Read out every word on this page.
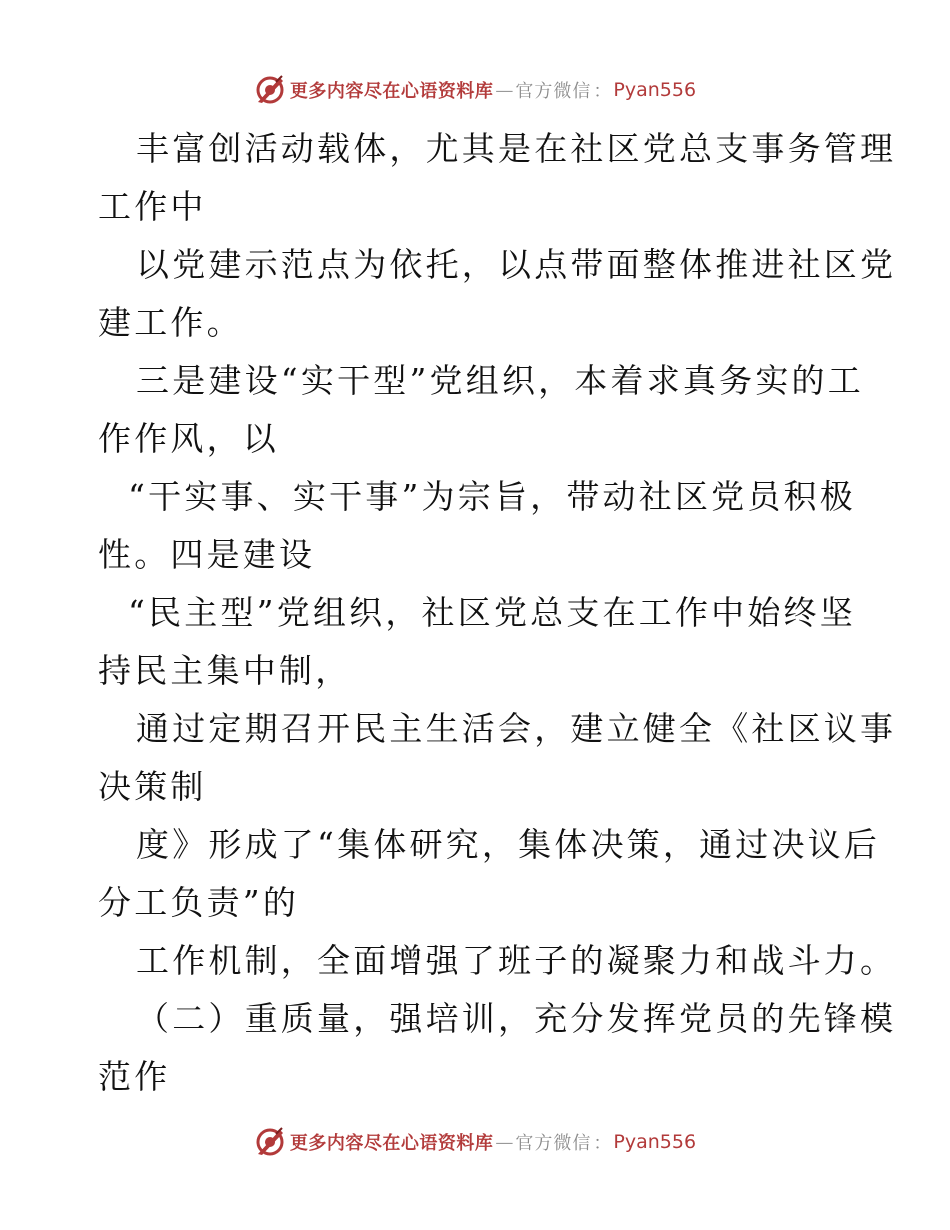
更多内容尽在心语资料库 — 官方微信 ： Pyan556
丰富创活动载体，尤其是在社区党总支事务管理
工作中
以党建示范点为依托，以点带面整体推进社区党
建工作。
三是建设“实干型”党组织，本着求真务实的工
作作风，以
“干实事、实干事”为宗旨，带动社区党员积极
性。四是建设
“民主型”党组织，社区党总支在工作中始终坚
持民主集中制，
通过定期召开民主生活会，建立健全《社区议事
决策制
度》形成了“集体研究，集体决策，通过决议后
分工负责”的
工作机制，全面增强了班子的凝聚力和战斗力。
（二）重质量，强培训，充分发挥党员的先锋模
范作
更多内容尽在心语资料库 — 官方微信 ： Pyan556
